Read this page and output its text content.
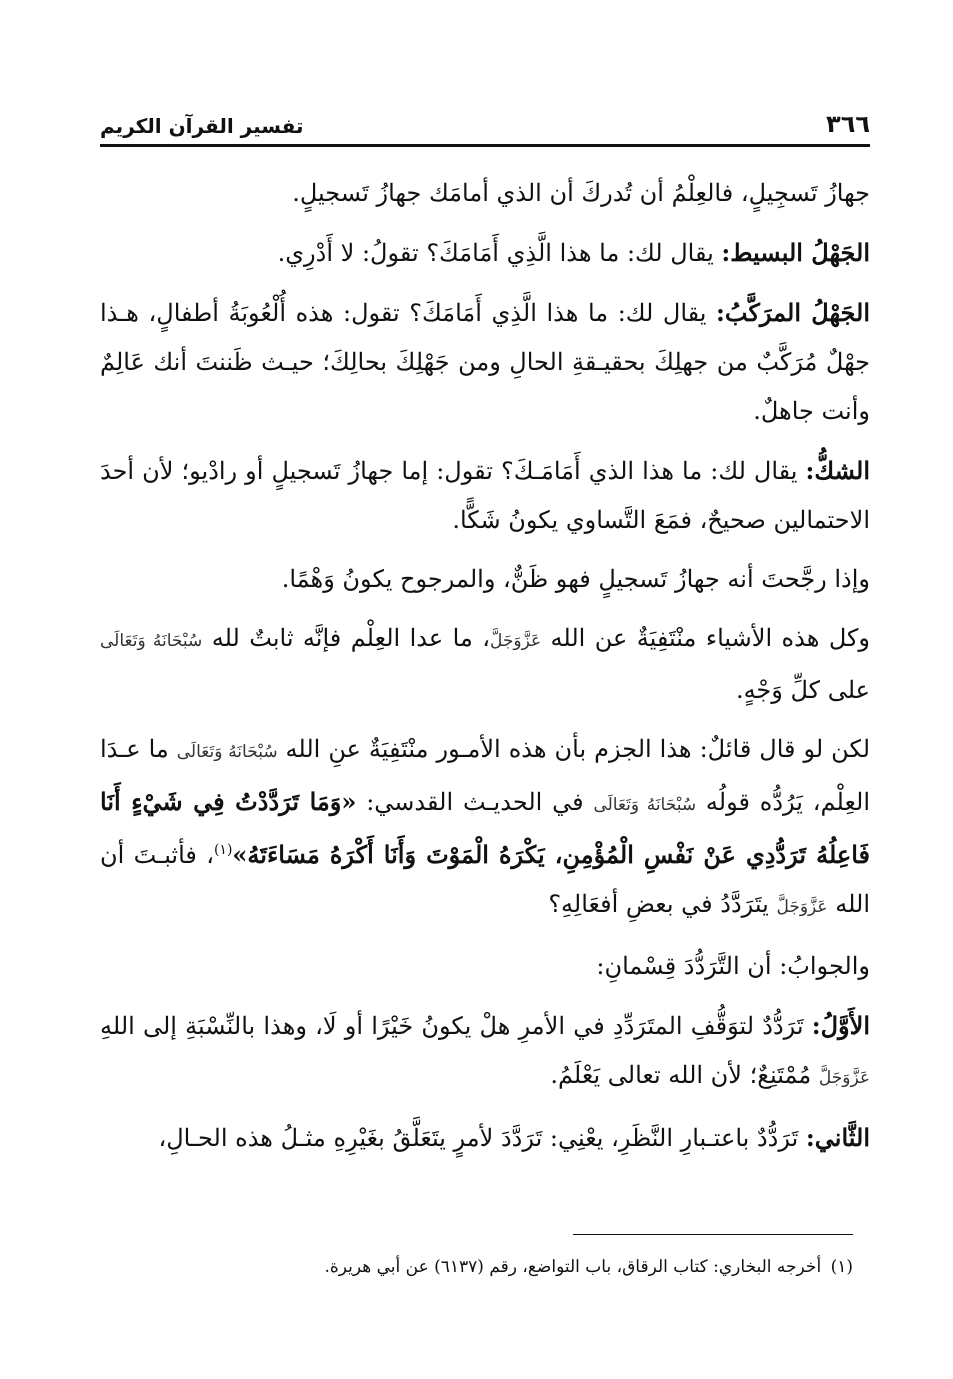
٣٦٦
تفسير القرآن الكريم

جهازُ تَسجِيلٍ، فالعِلْمُ أن تُدركَ أن الذي أمامَك جهازُ تَسجيلٍ.

الجَهْلُ البسيط: يقال لك: ما هذا الَّذِي أَمَامَكَ؟ تقولُ: لا أَدْرِي.

الجَهْلُ المرَكَّبُ: يقال لك: ما هذا الَّذِي أَمَامَكَ؟ تقول: هذه أُلْعُوبَةُ أطفالٍ، هـذا جهْلٌ مُرَكَّبٌ من جهلِكَ بحقيـقةِ الحالِ ومن جَهْلِكَ بحالِكَ؛ حيـث ظَننتَ أنك عَالِمٌ وأنت جاهلٌ.

الشكُّ: يقال لك: ما هذا الذي أَمَامَـكَ؟ تقول: إما جهازُ تَسجيلٍ أو رادْيو؛ لأن أحدَ الاحتمالين صحيحٌ، فمَعَ التَّساوي يكونُ شَكًّا.

وإذا رجَّحتَ أنه جهازُ تَسجيلٍ فهو ظَنٌّ، والمرجوح يكونُ وَهْمًا.

وكل هذه الأشياء منْتَفِيَةٌ عن الله عَزَّوَجَلَّ، ما عدا العِلْم فإنَّه ثابتٌ لله سُبْحَانَهُ وَتَعَالَى على كلِّ وَجْهٍ.

لكن لو قال قائلٌ: هذا الجزم بأن هذه الأمـور منْتَفِيَةٌ عنِ الله سُبْحَانَهُ وَتَعَالَى ما عـدَا العِلْم، يَرُدُّه قولُه سُبْحَانَهُ وَتَعَالَى في الحديـث القدسي: «وَمَا تَرَدَّدْتُ فِي شَيْءٍ أَنَا فَاعِلُهُ تَرَدُّدِي عَنْ نَفْسِ الْمُؤْمِنِ، يَكْرَهُ الْمَوْتَ وَأَنَا أَكْرَهُ مَسَاءَتَهُ»$^{(١)}$، فأثبـتَ أن الله عَزَّوَجَلَّ يتَرَدَّدُ في بعضِ أفعَالِهِ؟

والجوابُ: أن التَّرَدُّدَ قِسْمانِ:

الأَوَّلُ: تَرَدُّدٌ لتوَقُّفِ المتَرَدِّدِ في الأمرِ هلْ يكونُ خَيْرًا أو لَا، وهذا بالنِّسْبَةِ إلى اللهِ عَزَّوَجَلَّ مُمْتَنِعٌ؛ لأن الله تعالى يَعْلَمُ.

الثَّاني: تَرَدُّدٌ باعتـبارِ النَّظَرِ، يعْنِي: تَرَدَّدَ لأمرٍ يتَعَلَّقُ بغَيْرِهِ مثـلُ هذه الحـالِ،

(١) أخرجه البخاري: كتاب الرقاق، باب التواضع، رقم (٦١٣٧) عن أبي هريرة.
